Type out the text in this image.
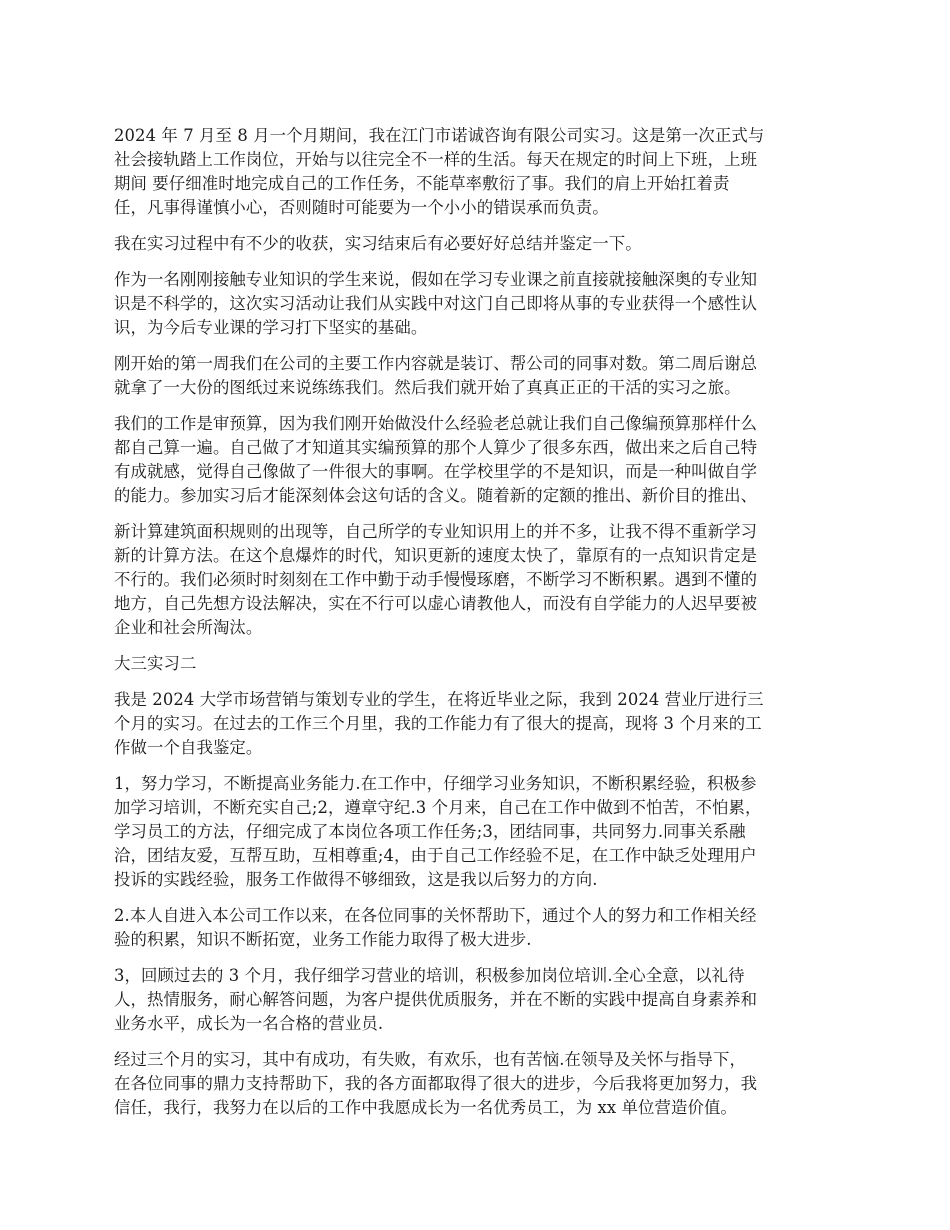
2024 年 7 月至 8 月一个月期间，我在江门市诺诚咨询有限公司实习。这是第一次正式与
社会接轨踏上工作岗位，开始与以往完全不一样的生活。每天在规定的时间上下班，上班
期间 要仔细准时地完成自己的工作任务，不能草率敷衍了事。我们的肩上开始扛着责
任，凡事得谨慎小心，否则随时可能要为一个小小的错误承而负责。
我在实习过程中有不少的收获，实习结束后有必要好好总结并鉴定一下。
作为一名刚刚接触专业知识的学生来说，假如在学习专业课之前直接就接触深奥的专业知
识是不科学的，这次实习活动让我们从实践中对这门自己即将从事的专业获得一个感性认
识，为今后专业课的学习打下坚实的基础。
刚开始的第一周我们在公司的主要工作内容就是装订、帮公司的同事对数。第二周后谢总
就拿了一大份的图纸过来说练练我们。然后我们就开始了真真正正的干活的实习之旅。
我们的工作是审预算，因为我们刚开始做没什么经验老总就让我们自己像编预算那样什么
都自己算一遍。自己做了才知道其实编预算的那个人算少了很多东西，做出来之后自己特
有成就感，觉得自己像做了一件很大的事啊。在学校里学的不是知识，而是一种叫做自学
的能力。参加实习后才能深刻体会这句话的含义。随着新的定额的推出、新价目的推出、
新计算建筑面积规则的出现等，自己所学的专业知识用上的并不多，让我不得不重新学习
新的计算方法。在这个息爆炸的时代，知识更新的速度太快了，靠原有的一点知识肯定是
不行的。我们必须时时刻刻在工作中勤于动手慢慢琢磨，不断学习不断积累。遇到不懂的
地方，自己先想方设法解决，实在不行可以虚心请教他人，而没有自学能力的人迟早要被
企业和社会所淘汰。
大三实习二
我是 2024 大学市场营销与策划专业的学生，在将近毕业之际，我到 2024 营业厅进行三
个月的实习。在过去的工作三个月里，我的工作能力有了很大的提高，现将 3 个月来的工
作做一个自我鉴定。
1，努力学习，不断提高业务能力.在工作中，仔细学习业务知识，不断积累经验，积极参
加学习培训，不断充实自己;2，遵章守纪.3 个月来，自己在工作中做到不怕苦，不怕累，
学习员工的方法，仔细完成了本岗位各项工作任务;3，团结同事，共同努力.同事关系融
洽，团结友爱，互帮互助，互相尊重;4，由于自己工作经验不足，在工作中缺乏处理用户
投诉的实践经验，服务工作做得不够细致，这是我以后努力的方向.
2.本人自进入本公司工作以来，在各位同事的关怀帮助下，通过个人的努力和工作相关经
验的积累，知识不断拓宽，业务工作能力取得了极大进步.
3，回顾过去的 3 个月，我仔细学习营业的培训，积极参加岗位培训.全心全意，以礼待
人，热情服务，耐心解答问题，为客户提供优质服务，并在不断的实践中提高自身素养和
业务水平，成长为一名合格的营业员.
经过三个月的实习，其中有成功，有失败，有欢乐，也有苦恼.在领导及关怀与指导下，
在各位同事的鼎力支持帮助下，我的各方面都取得了很大的进步，今后我将更加努力，我
信任，我行，我努力在以后的工作中我愿成长为一名优秀员工，为 xx 单位营造价值。
